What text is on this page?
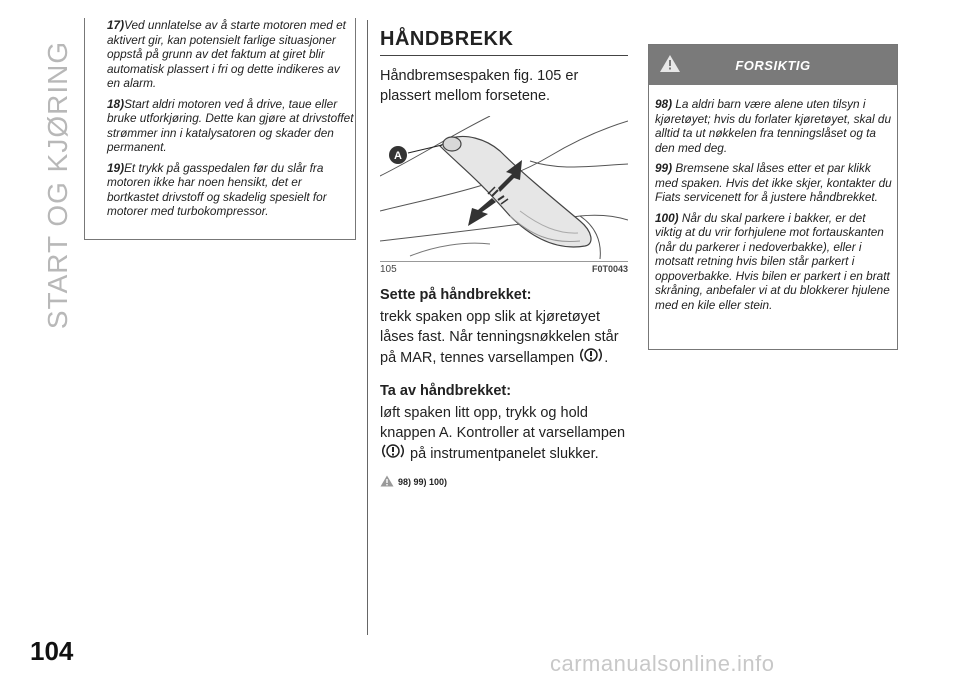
START OG KJØRING

17)Ved unnlatelse av å starte motoren med et aktivert gir, kan potensielt farlige situasjoner oppstå på grunn av det faktum at giret blir automatisk plassert i fri og dette indikeres av en alarm.

18)Start aldri motoren ved å drive, taue eller bruke utforkjøring. Dette kan gjøre at drivstoffet strømmer inn i katalysatoren og skader den permanent.

19)Et trykk på gasspedalen før du slår fra motoren ikke har noen hensikt, det er bortkastet drivstoff og skadelig spesielt for motorer med turbokompressor.

HÅNDBREKK

Håndbremsespaken fig. 105 er plassert mellom forsetene.

A
105	F0T0043
Sette på håndbrekket:

trekk spaken opp slik at kjøretøyet låses fast. Når tenningsnøkkelen står på MAR, tennes varsellampen .

Ta av håndbrekket:

løft spaken litt opp, trykk og hold knappen A. Kontroller at varsellampen  på instrumentpanelet slukker.

98) 99) 100)
FORSIKTIG

98) La aldri barn være alene uten tilsyn i kjøretøyet; hvis du forlater kjøretøyet, skal du alltid ta ut nøkkelen fra tenningslåset og ta den med deg.

99) Bremsene skal låses etter et par klikk med spaken. Hvis det ikke skjer, kontakter du Fiats servicenett for å justere håndbrekket.

100) Når du skal parkere i bakker, er det viktig at du vrir forhjulene mot fortauskanten (når du parkerer i nedoverbakke), eller i motsatt retning hvis bilen står parkert i oppoverbakke. Hvis bilen er parkert i en bratt skråning, anbefaler vi at du blokkerer hjulene med en kile eller stein.

104	carmanualsonline.info
